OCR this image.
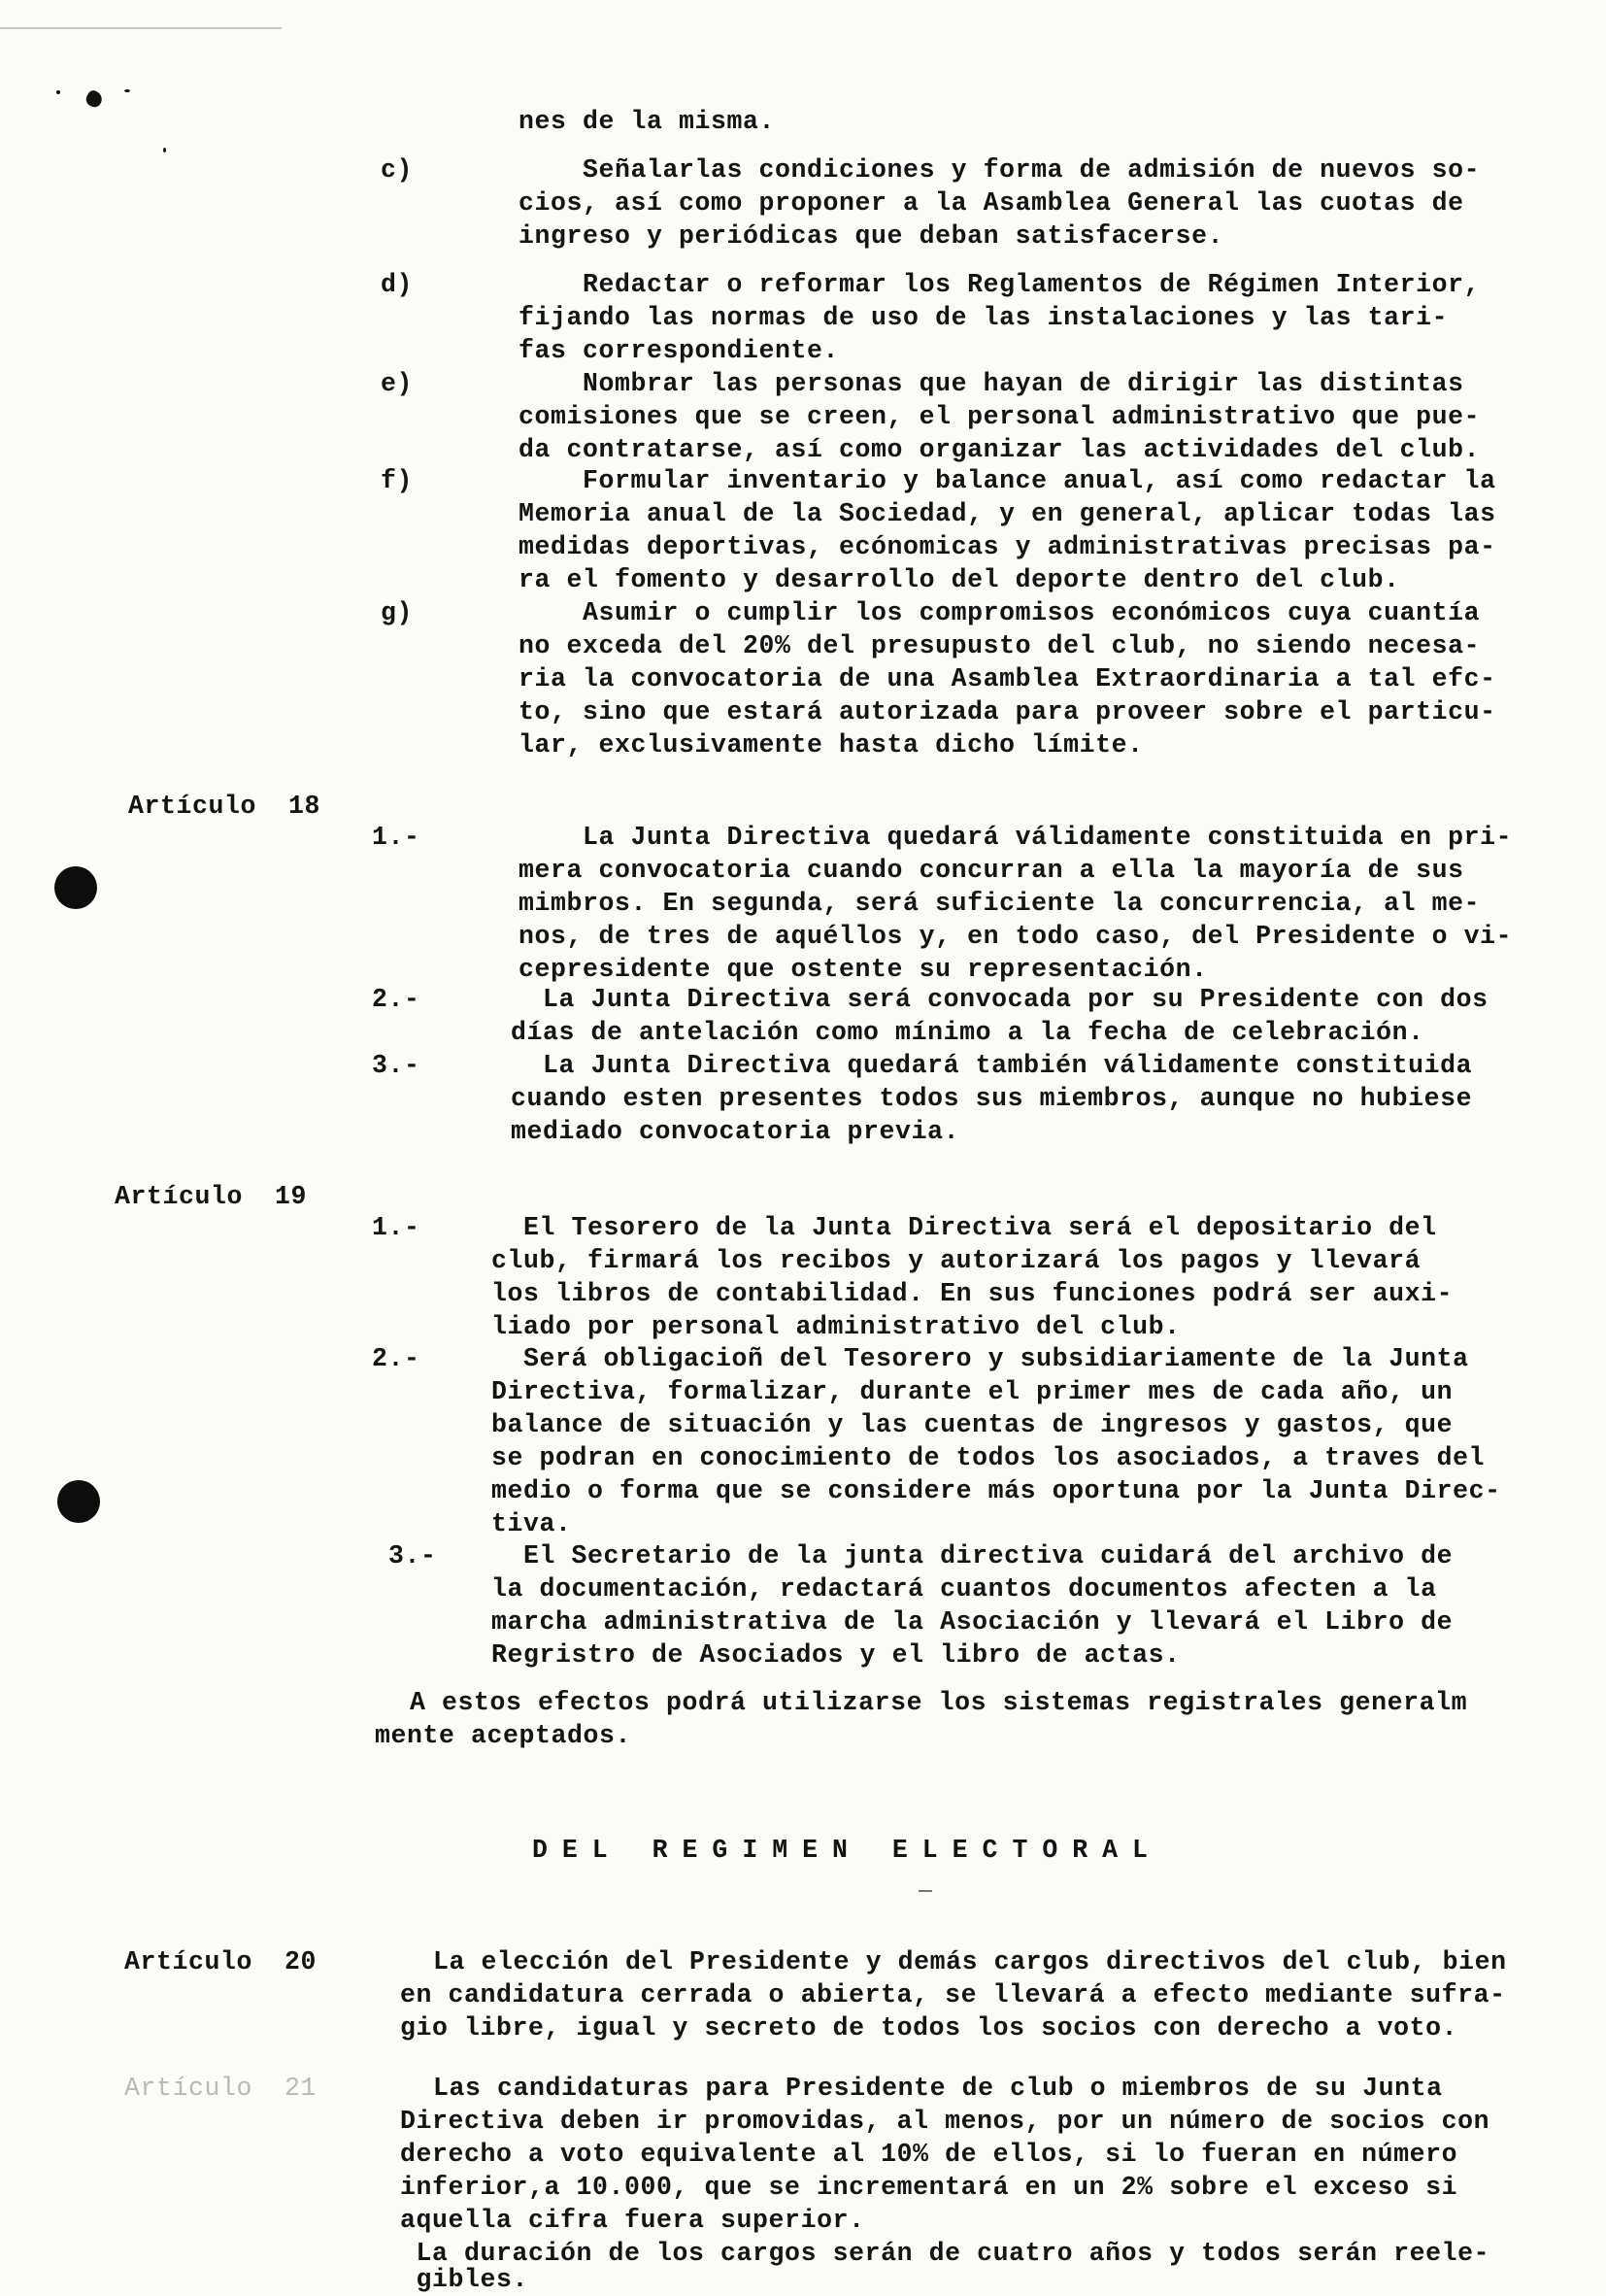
nes de la misma.
c)	Señalarlas condiciones y forma de admisión de nuevos so-
cios, así como proponer a la Asamblea General las cuotas de
ingreso y periódicas que deban satisfacerse.
d)	Redactar o reformar los Reglamentos de Régimen Interior,
fijando las normas de uso de las instalaciones y las tari-
fas correspondiente.
e)	Nombrar las personas que hayan de dirigir las distintas
comisiones que se creen, el personal administrativo que pue-
da contratarse, así como organizar las actividades del club.
f)	Formular inventario y balance anual, así como redactar la
Memoria anual de la Sociedad, y en general, aplicar todas las
medidas deportivas, ecónomicas y administrativas precisas pa-
ra el fomento y desarrollo del deporte dentro del club.
g)	Asumir o cumplir los compromisos económicos cuya cuantía
no exceda del 20% del presupusto del club, no siendo necesa-
ria la convocatoria de una Asamblea Extraordinaria a tal efc-
to, sino que estará autorizada para proveer sobre el particu-
lar, exclusivamente hasta dicho límite.
Artículo  18
1.-	La Junta Directiva quedará válidamente constituida en pri-
mera convocatoria cuando concurran a ella la mayoría de sus
mimbros. En segunda, será suficiente la concurrencia, al me-
nos, de tres de aquéllos y, en todo caso, del Presidente o vi-
cepresidente que ostente su representación.
2.-	La Junta Directiva será convocada por su Presidente con dos
días de antelación como mínimo a la fecha de celebración.
3.-	La Junta Directiva quedará también válidamente constituida
cuando esten presentes todos sus miembros, aunque no hubiese
mediado convocatoria previa.
Artículo  19
1.-	El Tesorero de la Junta Directiva será el depositario del
club, firmará los recibos y autorizará los pagos y llevará
los libros de contabilidad. En sus funciones podrá ser auxi-
liado por personal administrativo del club.
2.-	Será obligacioñ del Tesorero y subsidiariamente de la Junta
Directiva, formalizar, durante el primer mes de cada año, un
balance de situación y las cuentas de ingresos y gastos, que
se podran en conocimiento de todos los asociados, a traves del
medio o forma que se considere más oportuna por la Junta Direc-
tiva.
3.- El Secretario de la junta directiva cuidará del archivo de
la documentación, redactará cuantos documentos afecten a la
marcha administrativa de la Asociación y llevará el Libro de
Regristro de Asociados y el libro de actas.
A estos efectos podrá utilizarse los sistemas registrales generalm
mente aceptados.
DEL REGIMEN ELECTORAL
Artículo  20	La elección del Presidente y demás cargos directivos del club, bien
en candidatura cerrada o abierta, se llevará a efecto mediante sufra-
gio libre, igual y secreto de todos los socios con derecho a voto.
Artículo  21	Las candidaturas para Presidente de club o miembros de su Junta
Directiva deben ir promovidas, al menos, por un número de socios con
derecho a voto equivalente al 10% de ellos, si lo fueran en número
inferior,a 10.000, que se incrementará en un 2% sobre el exceso si
aquella cifra fuera superior.
La duración de los cargos serán de cuatro años y todos serán reele-
gibles.
